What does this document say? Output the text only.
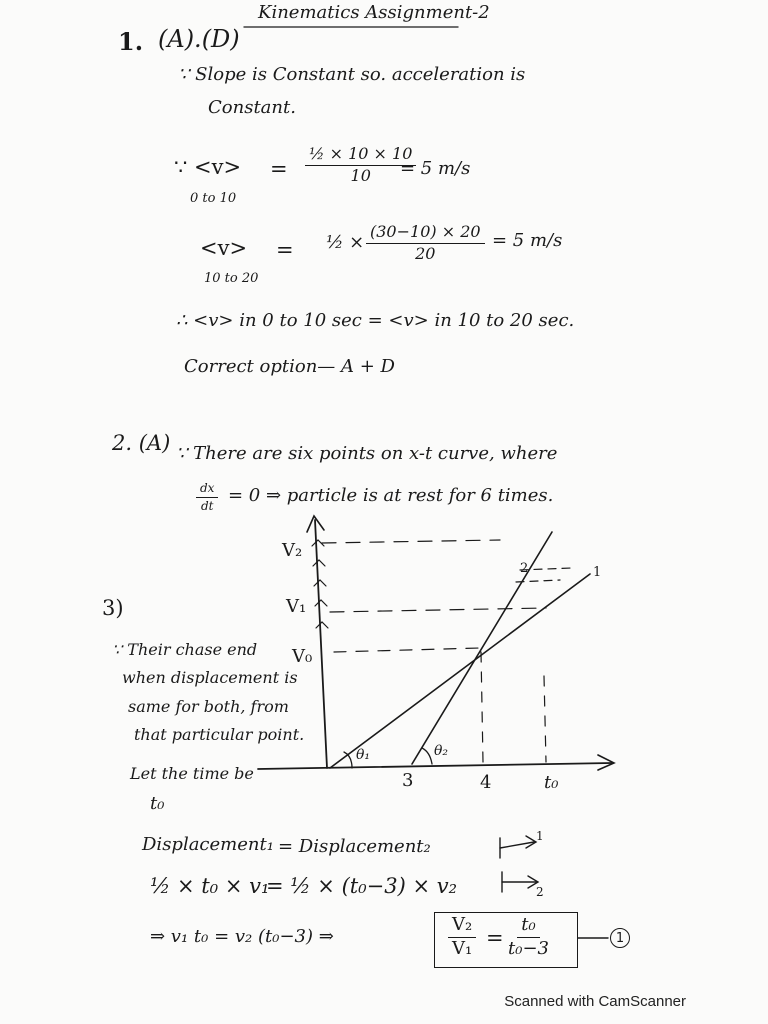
Kinematics Assignment-2
1. (A).(D)
∵ Slope is Constant so. acceleration is
Constant.
∵ <v>
0 to 10
= $\frac{\text{½ × 10 × 10}}{10}$
= 5 m/s
<v>
10 to 20
= ½ × $\frac{(30-10) \times 20}{20} = 5$ m/s
∴ <v> in 0 to 10 sec = <v> in 10 to 20 sec.
Correct option— A + D
2. (A) ∵ There are six points on x-t curve, where
$\frac{dx}{dt} = 0$ ⇒ particle is at rest for 6 times.
3)
∵ Their chase end
when displacement is
same for both, from
that particular point.
Let the time be
t₀
V₂
V₁
V₀
3	4	t₀
θ₁	θ₂
2	1
Displacement₁ = Displacement₂	1
2
½ × t₀ × v₁
= ½ × (t₀−3) × v₂
⇒ v₁ t₀ = v₂ (t₀−3) ⇒	$\frac{\text{V₂}}{\text{V₁}} = \frac{\text{t₀}}{\text{t₀−3}}$	1
Scanned with CamScanner
